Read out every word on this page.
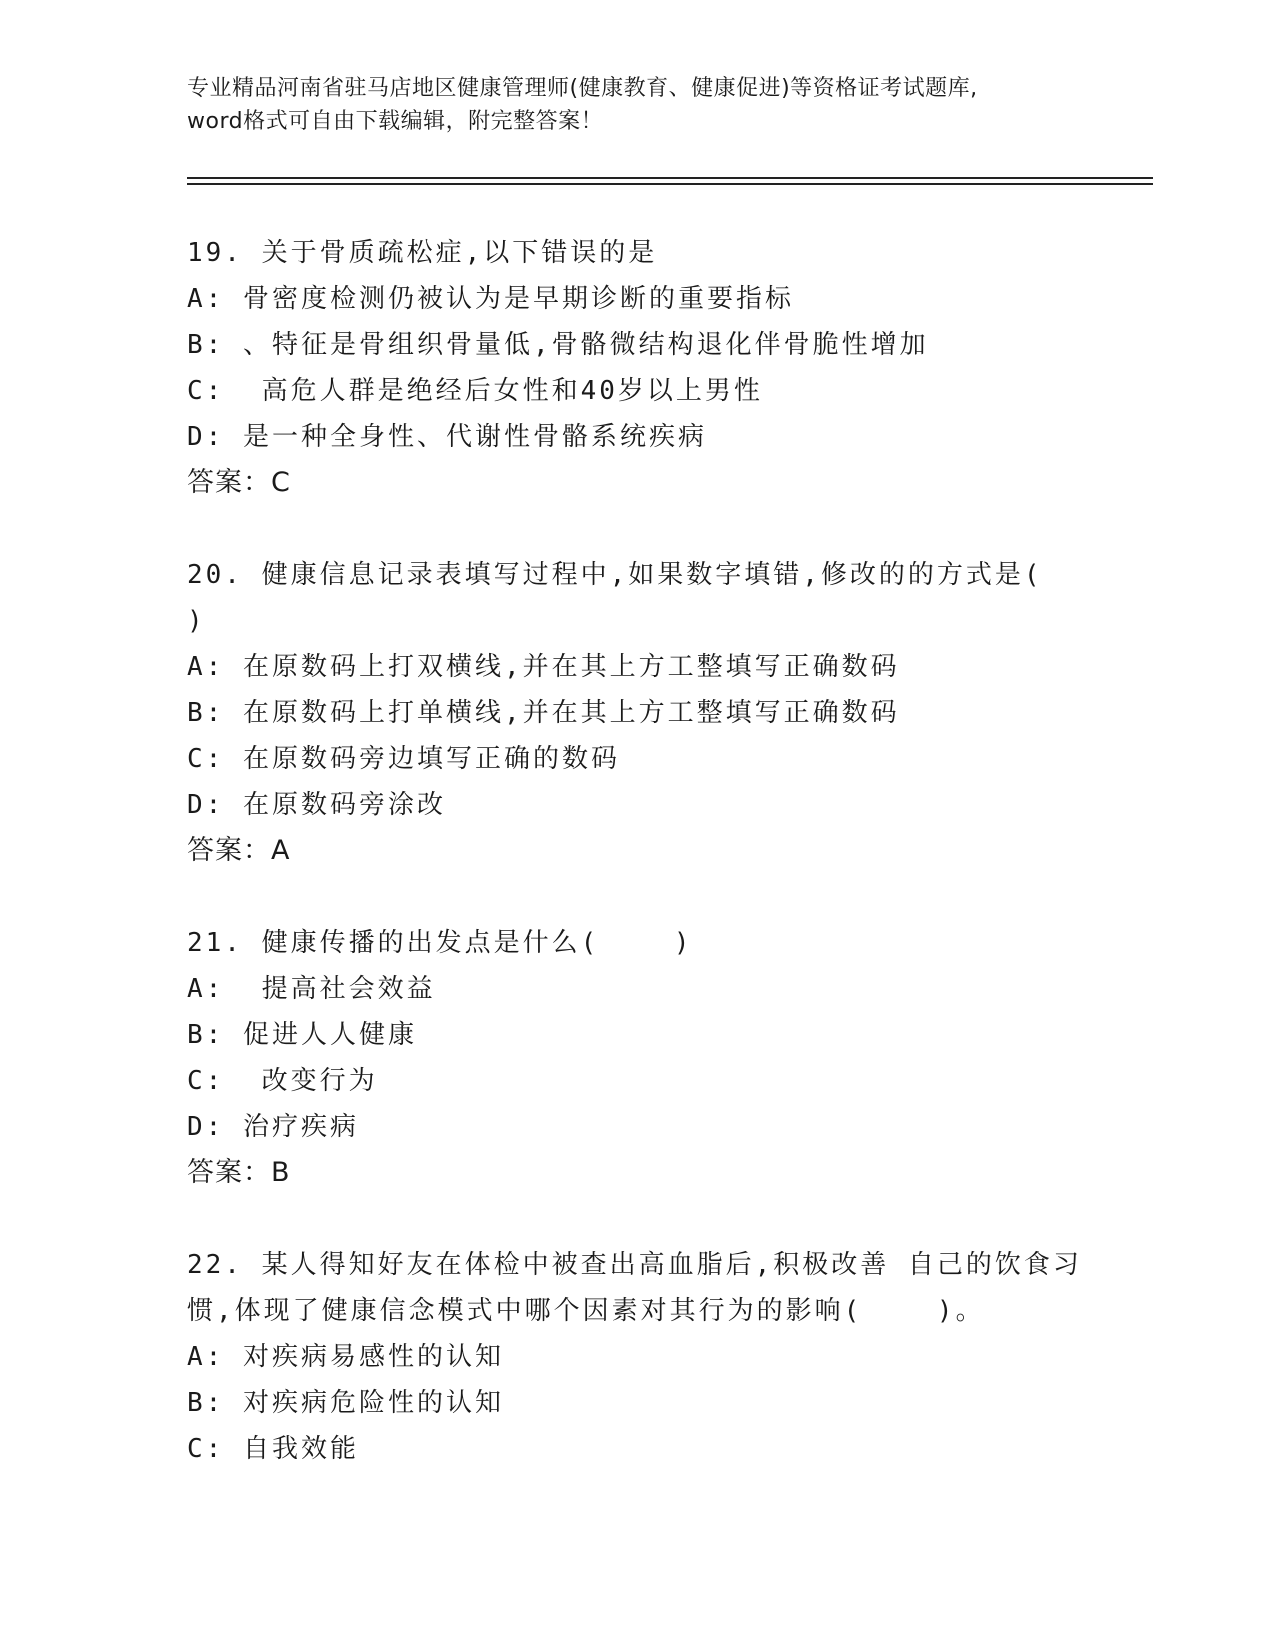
专业精品河南省驻马店地区健康管理师(健康教育、健康促进)等资格证考试题库,
word格式可自由下载编辑，附完整答案！
19. 关于骨质疏松症,以下错误的是
A: 骨密度检测仍被认为是早期诊断的重要指标
B: 、特征是骨组织骨量低,骨骼微结构退化伴骨脆性增加
C:  高危人群是绝经后女性和40岁以上男性
D: 是一种全身性、代谢性骨骼系统疾病
答案：C
20. 健康信息记录表填写过程中,如果数字填错,修改的的方式是(
)
A: 在原数码上打双横线,并在其上方工整填写正确数码
B: 在原数码上打单横线,并在其上方工整填写正确数码
C: 在原数码旁边填写正确的数码
D: 在原数码旁涂改
答案：A
21. 健康传播的出发点是什么(    )
A:  提高社会效益
B: 促进人人健康
C:  改变行为
D: 治疗疾病
答案：B
22. 某人得知好友在体检中被查出高血脂后,积极改善 自己的饮食习
惯,体现了健康信念模式中哪个因素对其行为的影响(    )。
A: 对疾病易感性的认知
B: 对疾病危险性的认知
C: 自我效能
